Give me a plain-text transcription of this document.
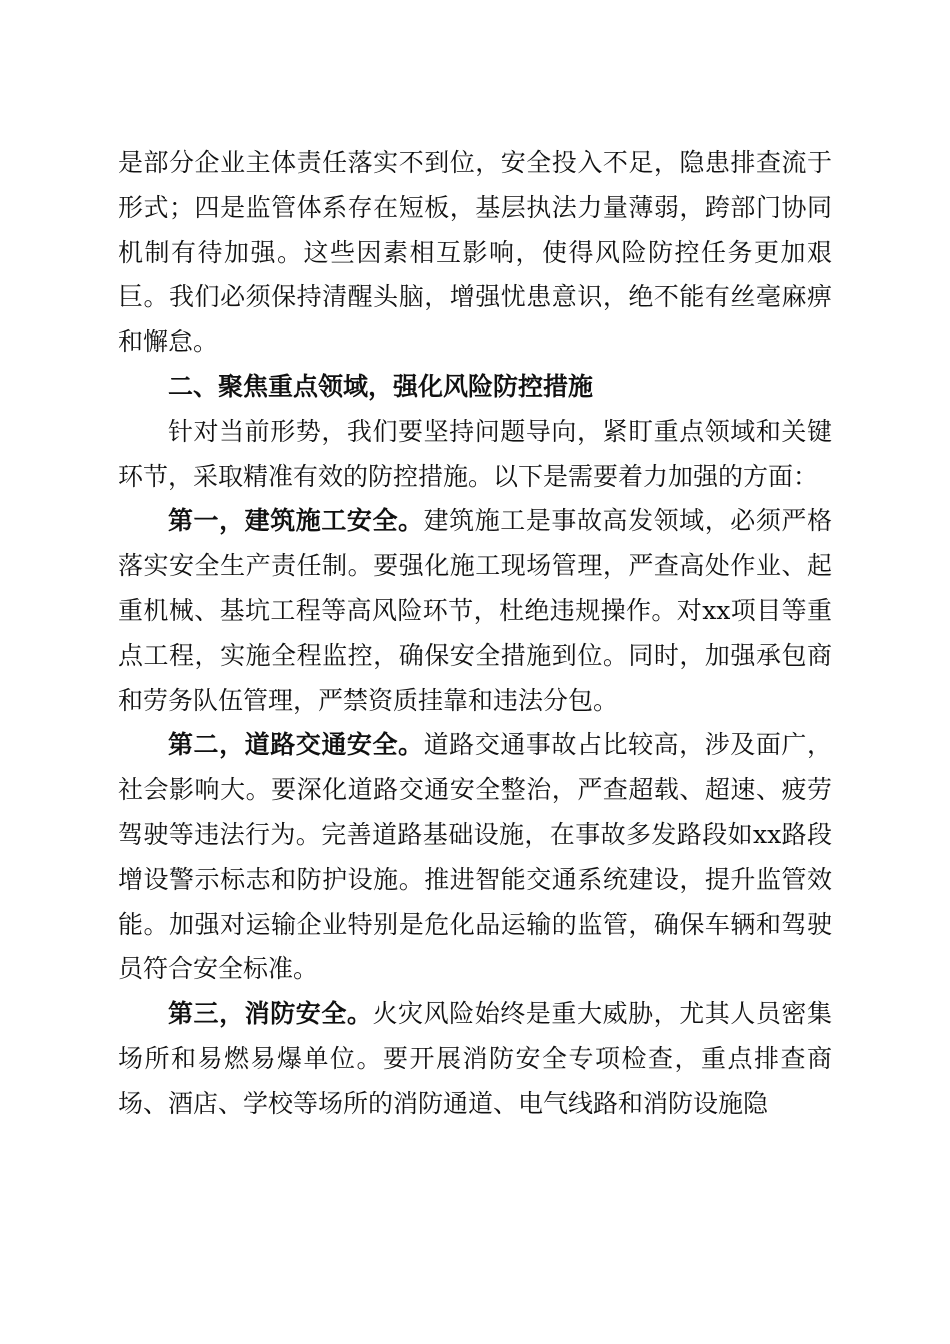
是部分企业主体责任落实不到位，安全投入不足，隐患排查流于形式；四是监管体系存在短板，基层执法力量薄弱，跨部门协同机制有待加强。这些因素相互影响，使得风险防控任务更加艰巨。我们必须保持清醒头脑，增强忧患意识，绝不能有丝毫麻痹和懈怠。

二、聚焦重点领域，强化风险防控措施

针对当前形势，我们要坚持问题导向，紧盯重点领域和关键环节，采取精准有效的防控措施。以下是需要着力加强的方面：

第一，建筑施工安全。建筑施工是事故高发领域，必须严格落实安全生产责任制。要强化施工现场管理，严查高处作业、起重机械、基坑工程等高风险环节，杜绝违规操作。对xx项目等重点工程，实施全程监控，确保安全措施到位。同时，加强承包商和劳务队伍管理，严禁资质挂靠和违法分包。

第二，道路交通安全。道路交通事故占比较高，涉及面广，社会影响大。要深化道路交通安全整治，严查超载、超速、疲劳驾驶等违法行为。完善道路基础设施，在事故多发路段如xx路段增设警示标志和防护设施。推进智能交通系统建设，提升监管效能。加强对运输企业特别是危化品运输的监管，确保车辆和驾驶员符合安全标准。

第三，消防安全。火灾风险始终是重大威胁，尤其人员密集场所和易燃易爆单位。要开展消防安全专项检查，重点排查商场、酒店、学校等场所的消防通道、电气线路和消防设施隐
